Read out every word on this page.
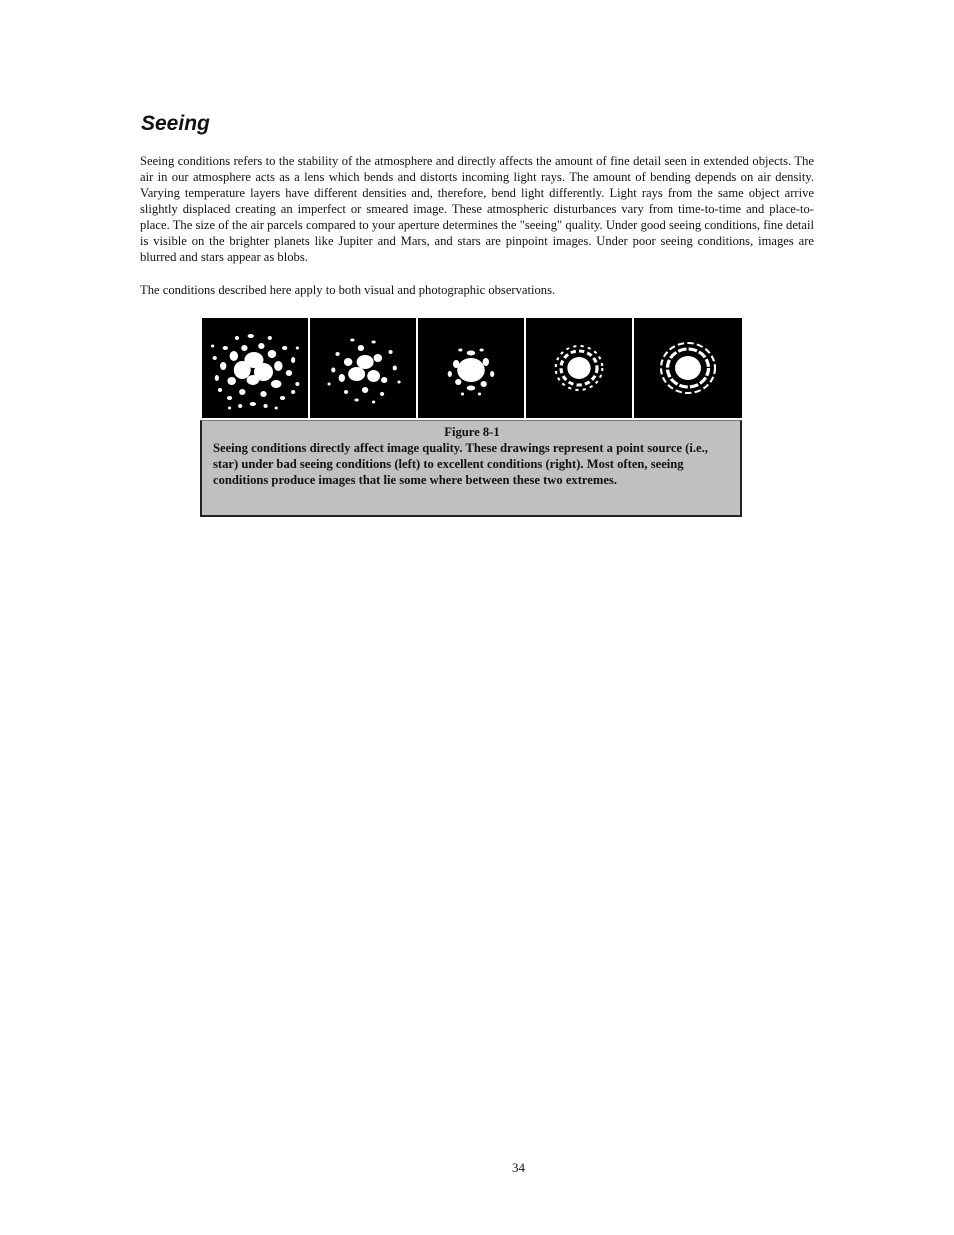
Seeing

Seeing conditions refers to the stability of the atmosphere and directly affects the amount of fine detail seen in extended objects. The air in our atmosphere acts as a lens which bends and distorts incoming light rays. The amount of bending depends on air density. Varying temperature layers have different densities and, therefore, bend light differently. Light rays from the same object arrive slightly displaced creating an imperfect or smeared image. These atmospheric disturbances vary from time-to-time and place-to-place. The size of the air parcels compared to your aperture determines the "seeing" quality. Under good seeing conditions, fine detail is visible on the brighter planets like Jupiter and Mars, and stars are pinpoint images. Under poor seeing conditions, images are blurred and stars appear as blobs.

The conditions described here apply to both visual and photographic observations.

Figure 8-1
Seeing conditions directly affect image quality. These drawings represent a point source (i.e., star) under bad seeing conditions (left) to excellent conditions (right). Most often, seeing conditions produce images that lie some where between these two extremes.
34
